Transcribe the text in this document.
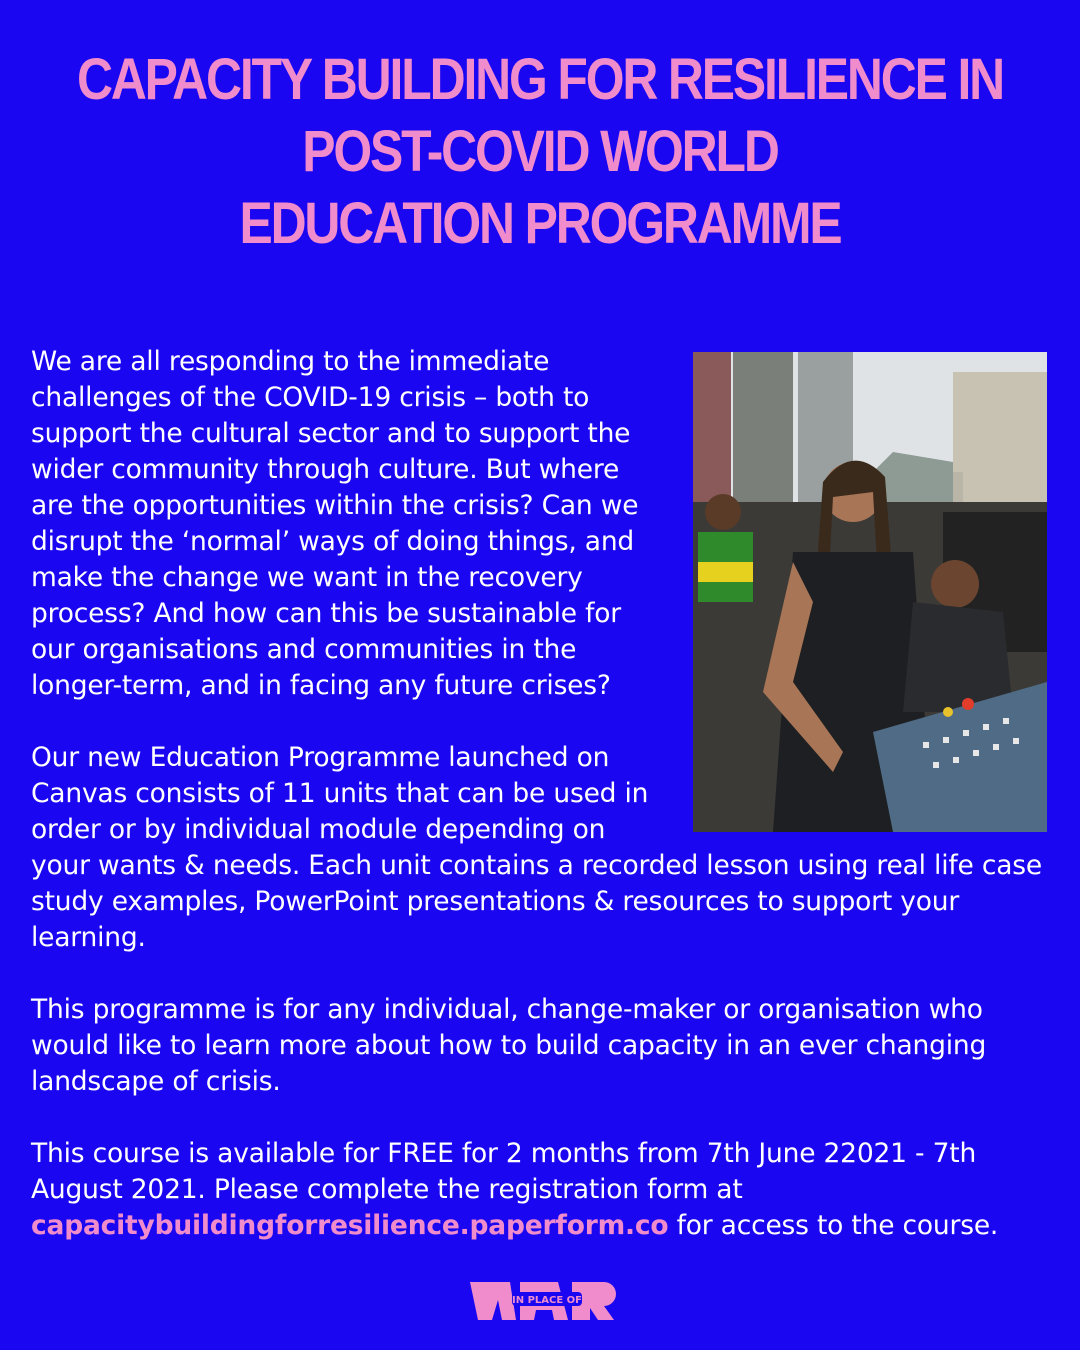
CAPACITY BUILDING FOR RESILIENCE IN
POST-COVID WORLD
EDUCATION PROGRAMME

We are all responding to the immediate challenges of the COVID-19 crisis – both to support the cultural sector and to support the wider community through culture. But where are the opportunities within the crisis? Can we disrupt the ‘normal’ ways of doing things, and make the change we want in the recovery process? And how can this be sustainable for our organisations and communities in the longer-term, and in facing any future crises?

Our new Education Programme launched on Canvas consists of 11 units that can be used in order or by individual module depending on your wants & needs. Each unit contains a recorded lesson using real life case study examples, PowerPoint presentations & resources to support your learning.

This programme is for any individual, change-maker or organisation who would like to learn more about how to build capacity in an ever changing landscape of crisis.

This course is available for FREE for 2 months from 7th June 22021 - 7th August 2021. Please complete the registration form at capacitybuildingforresilience.paperform.co for access to the course.

IN PLACE OF
